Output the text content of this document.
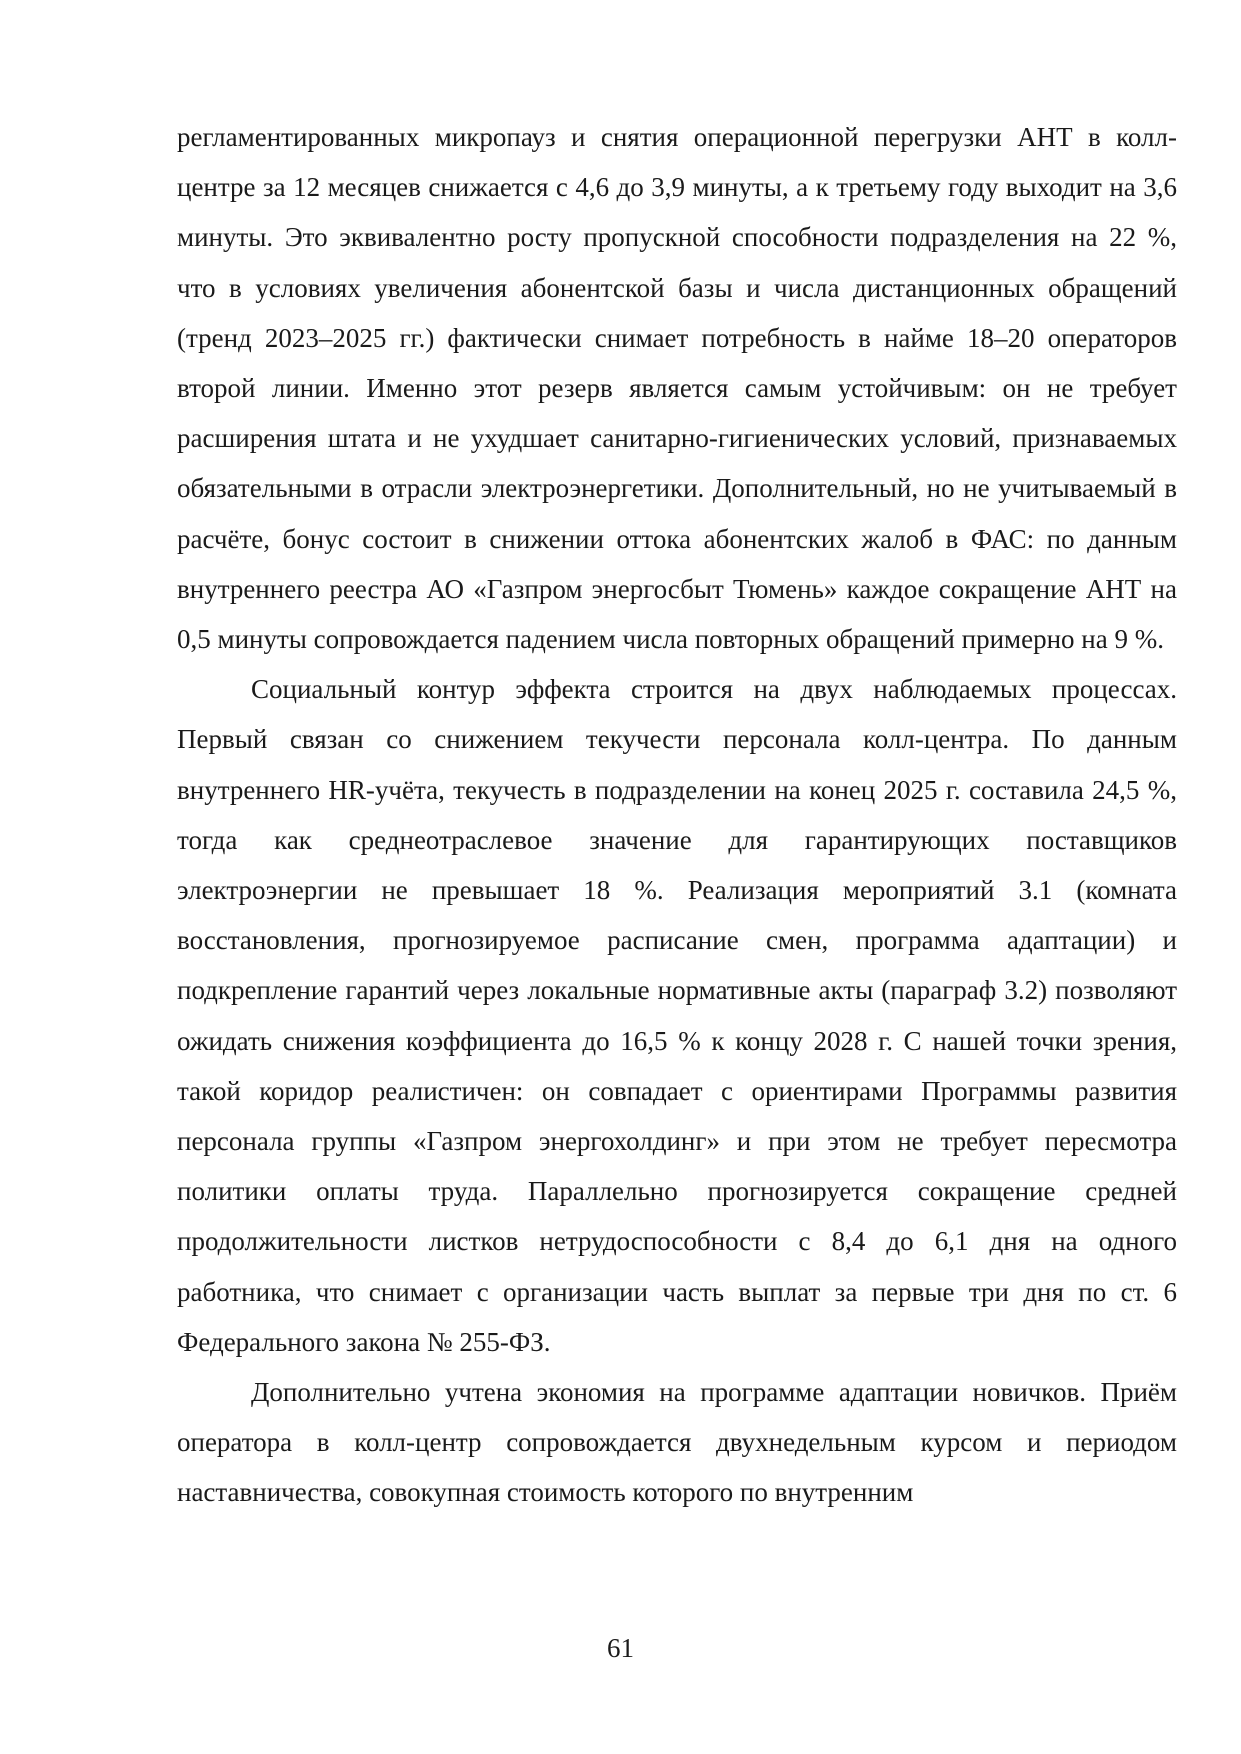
регламентированных микропауз и снятия операционной перегрузки АНТ в колл-центре за 12 месяцев снижается с 4,6 до 3,9 минуты, а к третьему году выходит на 3,6 минуты. Это эквивалентно росту пропускной способности подразделения на 22 %, что в условиях увеличения абонентской базы и числа дистанционных обращений (тренд 2023–2025 гг.) фактически снимает потребность в найме 18–20 операторов второй линии. Именно этот резерв является самым устойчивым: он не требует расширения штата и не ухудшает санитарно-гигиенических условий, признаваемых обязательными в отрасли электроэнергетики. Дополнительный, но не учитываемый в расчёте, бонус состоит в снижении оттока абонентских жалоб в ФАС: по данным внутреннего реестра АО «Газпром энергосбыт Тюмень» каждое сокращение АНТ на 0,5 минуты сопровождается падением числа повторных обращений примерно на 9 %.

Социальный контур эффекта строится на двух наблюдаемых процессах. Первый связан со снижением текучести персонала колл-центра. По данным внутреннего HR-учёта, текучесть в подразделении на конец 2025 г. составила 24,5 %, тогда как среднеотраслевое значение для гарантирующих поставщиков электроэнергии не превышает 18 %. Реализация мероприятий 3.1 (комната восстановления, прогнозируемое расписание смен, программа адаптации) и подкрепление гарантий через локальные нормативные акты (параграф 3.2) позволяют ожидать снижения коэффициента до 16,5 % к концу 2028 г. С нашей точки зрения, такой коридор реалистичен: он совпадает с ориентирами Программы развития персонала группы «Газпром энергохолдинг» и при этом не требует пересмотра политики оплаты труда. Параллельно прогнозируется сокращение средней продолжительности листков нетрудоспособности с 8,4 до 6,1 дня на одного работника, что снимает с организации часть выплат за первые три дня по ст. 6 Федерального закона № 255-ФЗ.

Дополнительно учтена экономия на программе адаптации новичков. Приём оператора в колл-центр сопровождается двухнедельным курсом и периодом наставничества, совокупная стоимость которого по внутренним

61
